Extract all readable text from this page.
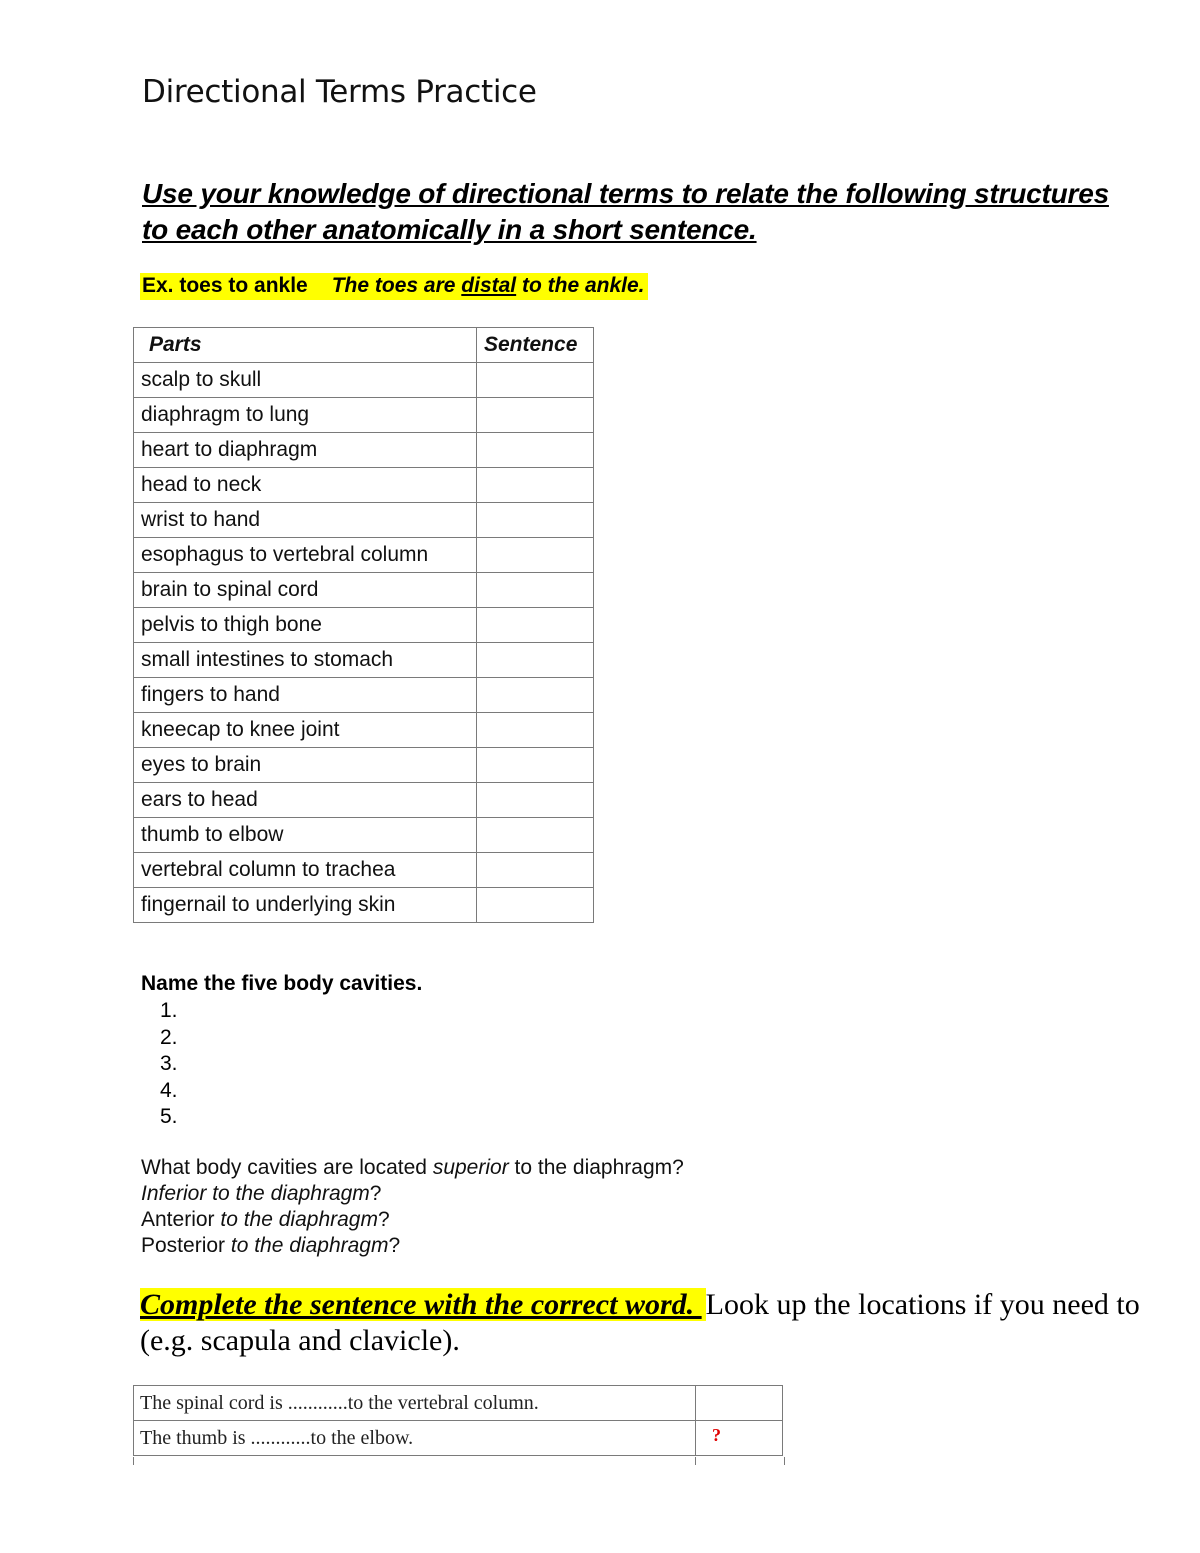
Directional Terms Practice
Use your knowledge of directional terms to relate the following structures to each other anatomically in a short sentence.
Ex. toes to ankle The toes are distal to the ankle.
Parts	Sentence
scalp to skull	
diaphragm to lung	
heart to diaphragm	
head to neck	
wrist to hand	
esophagus to vertebral column	
brain to spinal cord	
pelvis to thigh bone	
small intestines to stomach	
fingers to hand	
kneecap to knee joint	
eyes to brain	
ears to head	
thumb to elbow	
vertebral column to trachea	
fingernail to underlying skin	
Name the five body cavities.
1.
2.
3.
4.
5.
What body cavities are located superior to the diaphragm?
Inferior to the diaphragm?
Anterior to the diaphragm?
Posterior to the diaphragm?
Complete the sentence with the correct word. Look up the locations if you need to (e.g. scapula and clavicle).
The spinal cord is ............to the vertebral column.	
The thumb is ............to the elbow.	?
